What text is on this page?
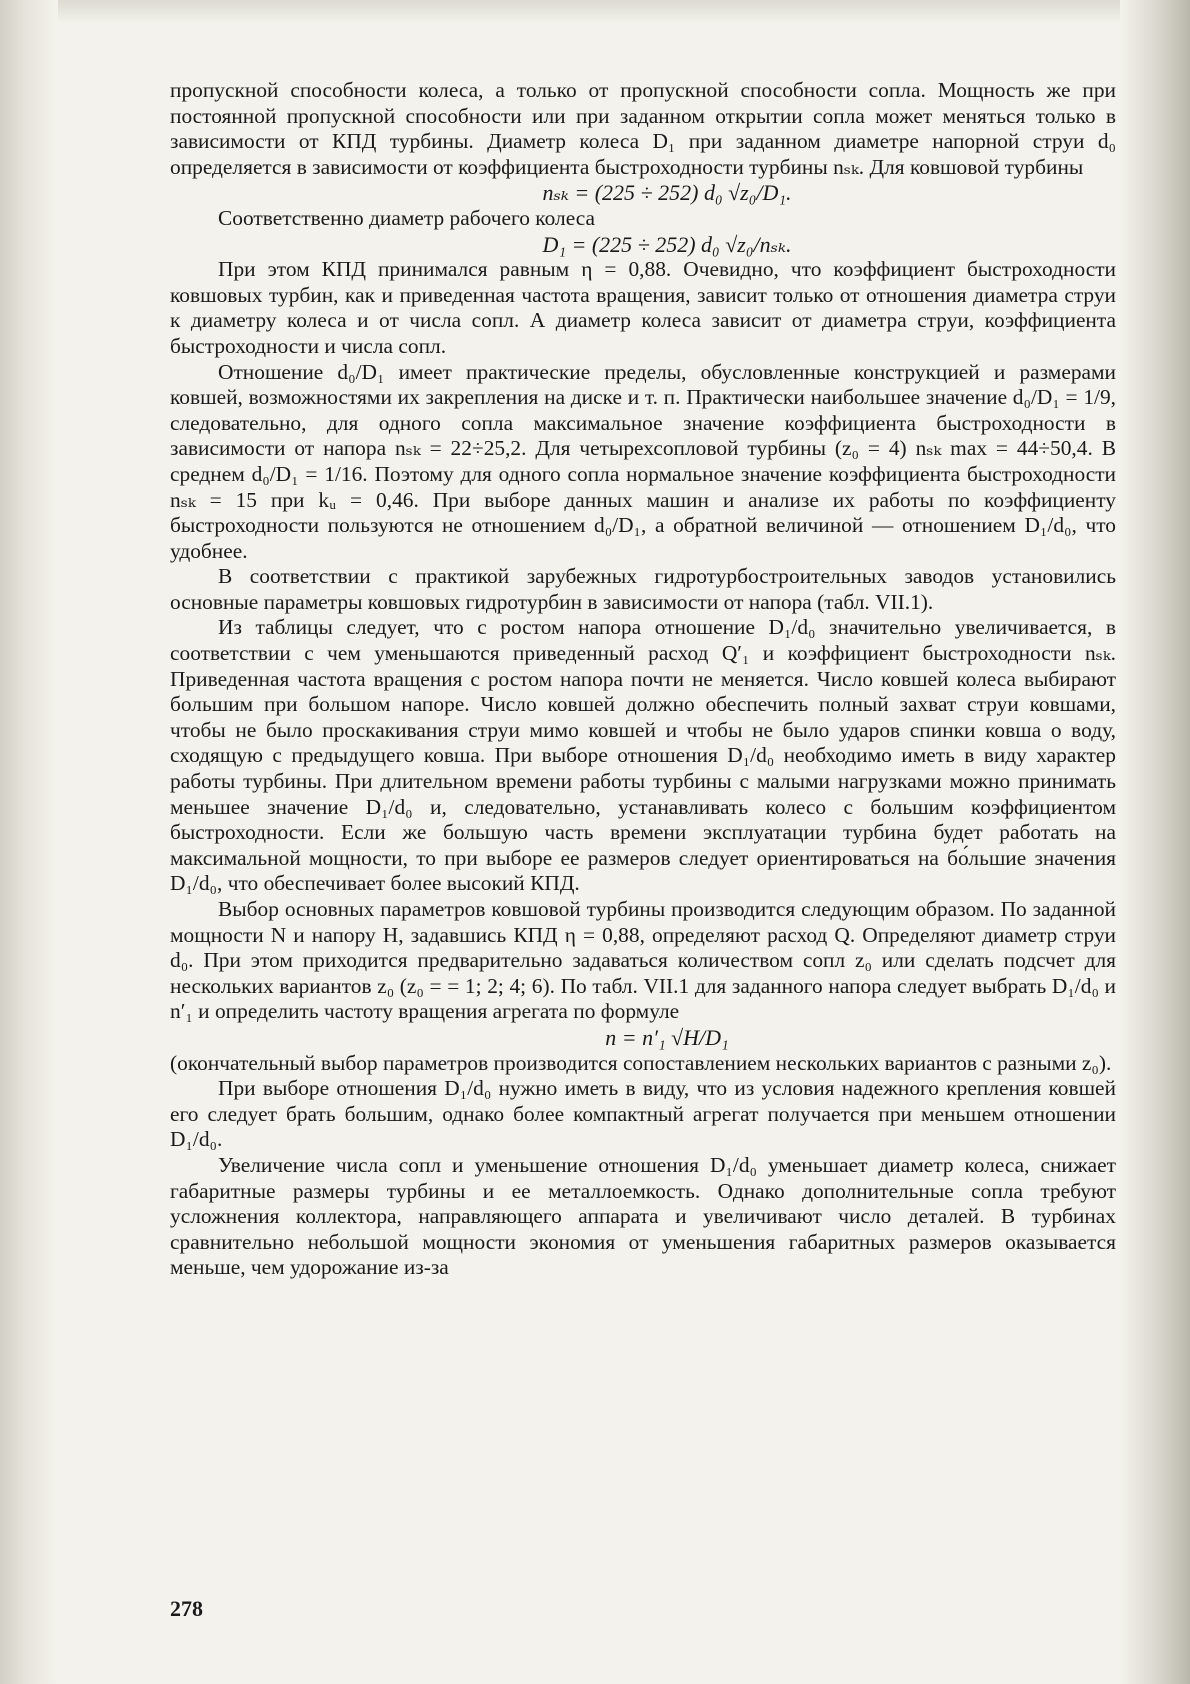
пропускной способности колеса, а только от пропускной способности сопла. Мощность же при постоянной пропускной способности или при заданном открытии сопла может меняться только в зависимости от КПД турбины. Диаметр колеса D₁ при заданном диаметре напорной струи d₀ определяется в зависимости от коэффициента быстроходности турбины nₛₖ. Для ковшовой турбины

nₛₖ = (225 ÷ 252) d₀ √z₀/D₁.

Соответственно диаметр рабочего колеса

D₁ = (225 ÷ 252) d₀ √z₀/nₛₖ.

При этом КПД принимался равным η = 0,88. Очевидно, что коэффициент быстроходности ковшовых турбин, как и приведенная частота вращения, зависит только от отношения диаметра струи к диаметру колеса и от числа сопл. А диаметр колеса зависит от диаметра струи, коэффициента быстроходности и числа сопл.

Отношение d₀/D₁ имеет практические пределы, обусловленные конструкцией и размерами ковшей, возможностями их закрепления на диске и т. п. Практически наибольшее значение d₀/D₁ = 1/9, следовательно, для одного сопла максимальное значение коэффициента быстроходности в зависимости от напора nₛₖ = 22÷25,2. Для четырехсопловой турбины (z₀ = 4) nₛₖ max = 44÷50,4. В среднем d₀/D₁ = 1/16. Поэтому для одного сопла нормальное значение коэффициента быстроходности nₛₖ = 15 при kᵤ = 0,46. При выборе данных машин и анализе их работы по коэффициенту быстроходности пользуются не отношением d₀/D₁, а обратной величиной — отношением D₁/d₀, что удобнее.

В соответствии с практикой зарубежных гидротурбостроительных заводов установились основные параметры ковшовых гидротурбин в зависимости от напора (табл. VII.1).

Из таблицы следует, что с ростом напора отношение D₁/d₀ значительно увеличивается, в соответствии с чем уменьшаются приведенный расход Q′₁ и коэффициент быстроходности nₛₖ. Приведенная частота вращения с ростом напора почти не меняется. Число ковшей колеса выбирают большим при большом напоре. Число ковшей должно обеспечить полный захват струи ковшами, чтобы не было проскакивания струи мимо ковшей и чтобы не было ударов спинки ковша о воду, сходящую с предыдущего ковша. При выборе отношения D₁/d₀ необходимо иметь в виду характер работы турбины. При длительном времени работы турбины с малыми нагрузками можно принимать меньшее значение D₁/d₀ и, следовательно, устанавливать колесо с большим коэффициентом быстроходности. Если же большую часть времени эксплуатации турбина будет работать на максимальной мощности, то при выборе ее размеров следует ориентироваться на бо́льшие значения D₁/d₀, что обеспечивает более высокий КПД.

Выбор основных параметров ковшовой турбины производится следующим образом. По заданной мощности N и напору H, задавшись КПД η = 0,88, определяют расход Q. Определяют диаметр струи d₀. При этом приходится предварительно задаваться количеством сопл z₀ или сделать подсчет для нескольких вариантов z₀ (z₀ = = 1; 2; 4; 6). По табл. VII.1 для заданного напора следует выбрать D₁/d₀ и n′₁ и определить частоту вращения агрегата по формуле

n = n′₁ √H/D₁

(окончательный выбор параметров производится сопоставлением нескольких вариантов с разными z₀).

При выборе отношения D₁/d₀ нужно иметь в виду, что из условия надежного крепления ковшей его следует брать большим, однако более компактный агрегат получается при меньшем отношении D₁/d₀.

Увеличение числа сопл и уменьшение отношения D₁/d₀ уменьшает диаметр колеса, снижает габаритные размеры турбины и ее металлоемкость. Однако дополнительные сопла требуют усложнения коллектора, направляющего аппарата и увеличивают число деталей. В турбинах сравнительно небольшой мощности экономия от уменьшения габаритных размеров оказывается меньше, чем удорожание из-за

278
